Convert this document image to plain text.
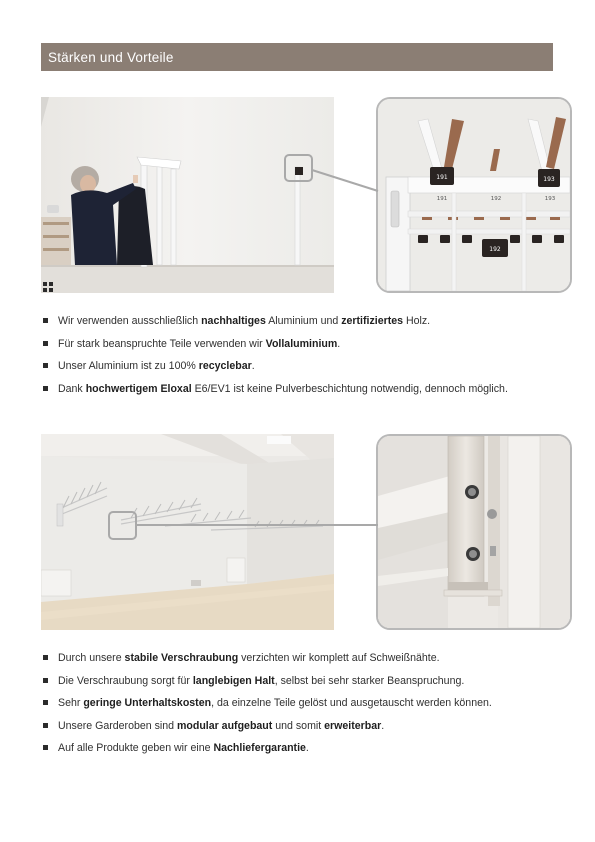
Stärken und Vorteile
191	193
191	192	193
192
Wir verwenden ausschließlich nachhaltiges Aluminium und zertifiziertes Holz.
Für stark beanspruchte Teile verwenden wir Vollaluminium.
Unser Aluminium ist zu 100% recyclebar.
Dank hochwertigem Eloxal E6/EV1 ist keine Pulverbeschichtung notwendig, dennoch möglich.
Durch unsere stabile Verschraubung verzichten wir komplett auf Schweißnähte.
Die Verschraubung sorgt für langlebigen Halt, selbst bei sehr starker Beanspruchung.
Sehr geringe Unterhaltskosten, da einzelne Teile gelöst und ausgetauscht werden können.
Unsere Garderoben sind modular aufgebaut und somit erweiterbar.
Auf alle Produkte geben wir eine Nachliefergarantie.
